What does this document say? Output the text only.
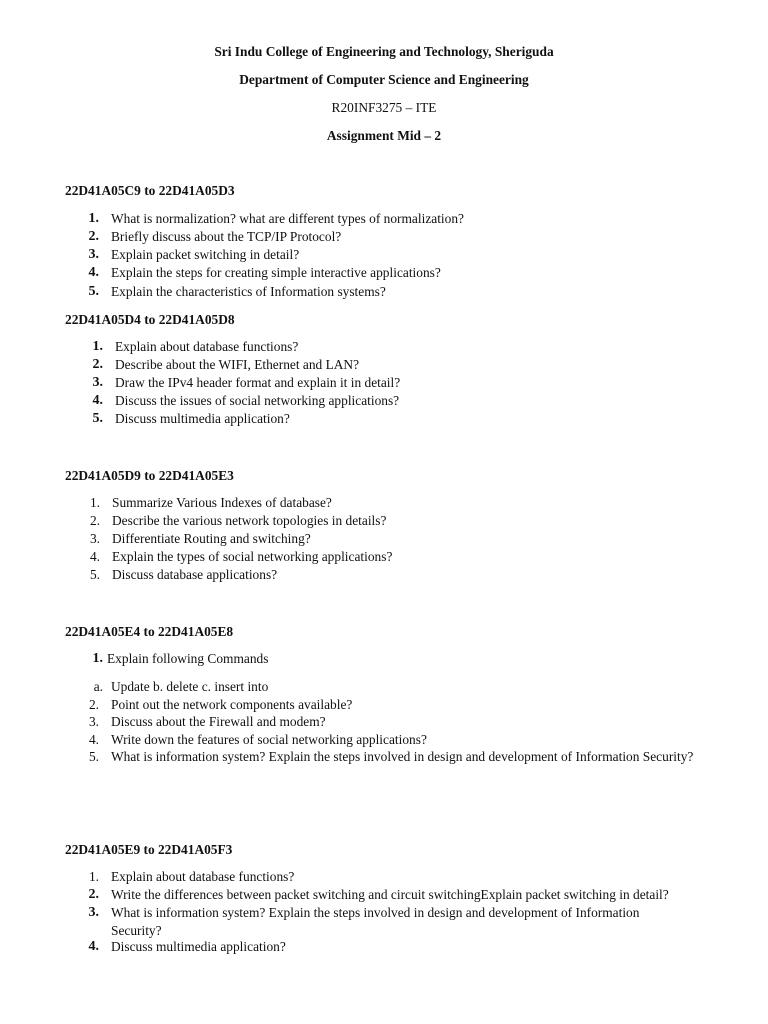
Sri Indu College of Engineering and Technology, Sheriguda
Department of Computer Science and Engineering
R20INF3275 – ITE
Assignment Mid – 2
22D41A05C9 to 22D41A05D3
1. What is normalization? what are different types of normalization?
2. Briefly discuss about the TCP/IP Protocol?
3. Explain packet switching in detail?
4. Explain the steps for creating simple interactive applications?
5. Explain the characteristics of Information systems?
22D41A05D4 to 22D41A05D8
1. Explain about database functions?
2. Describe about the WIFI, Ethernet and LAN?
3. Draw the IPv4 header format and explain it in detail?
4. Discuss the issues of social networking applications?
5. Discuss multimedia application?
22D41A05D9 to 22D41A05E3
1. Summarize Various Indexes of database?
2. Describe the various network topologies in details?
3. Differentiate Routing and switching?
4. Explain the types of social networking applications?
5. Discuss database applications?
22D41A05E4 to 22D41A05E8
1. Explain following Commands
a. Update b. delete c. insert into
2. Point out the network components available?
3. Discuss about the Firewall and modem?
4. Write down the features of social networking applications?
5. What is information system? Explain the steps involved in design and development of Information Security?
22D41A05E9 to 22D41A05F3
1. Explain about database functions?
2. Write the differences between packet switching and circuit switchingExplain packet switching in detail?
3. What is information system? Explain the steps involved in design and development of Information Security?
4. Discuss multimedia application?
